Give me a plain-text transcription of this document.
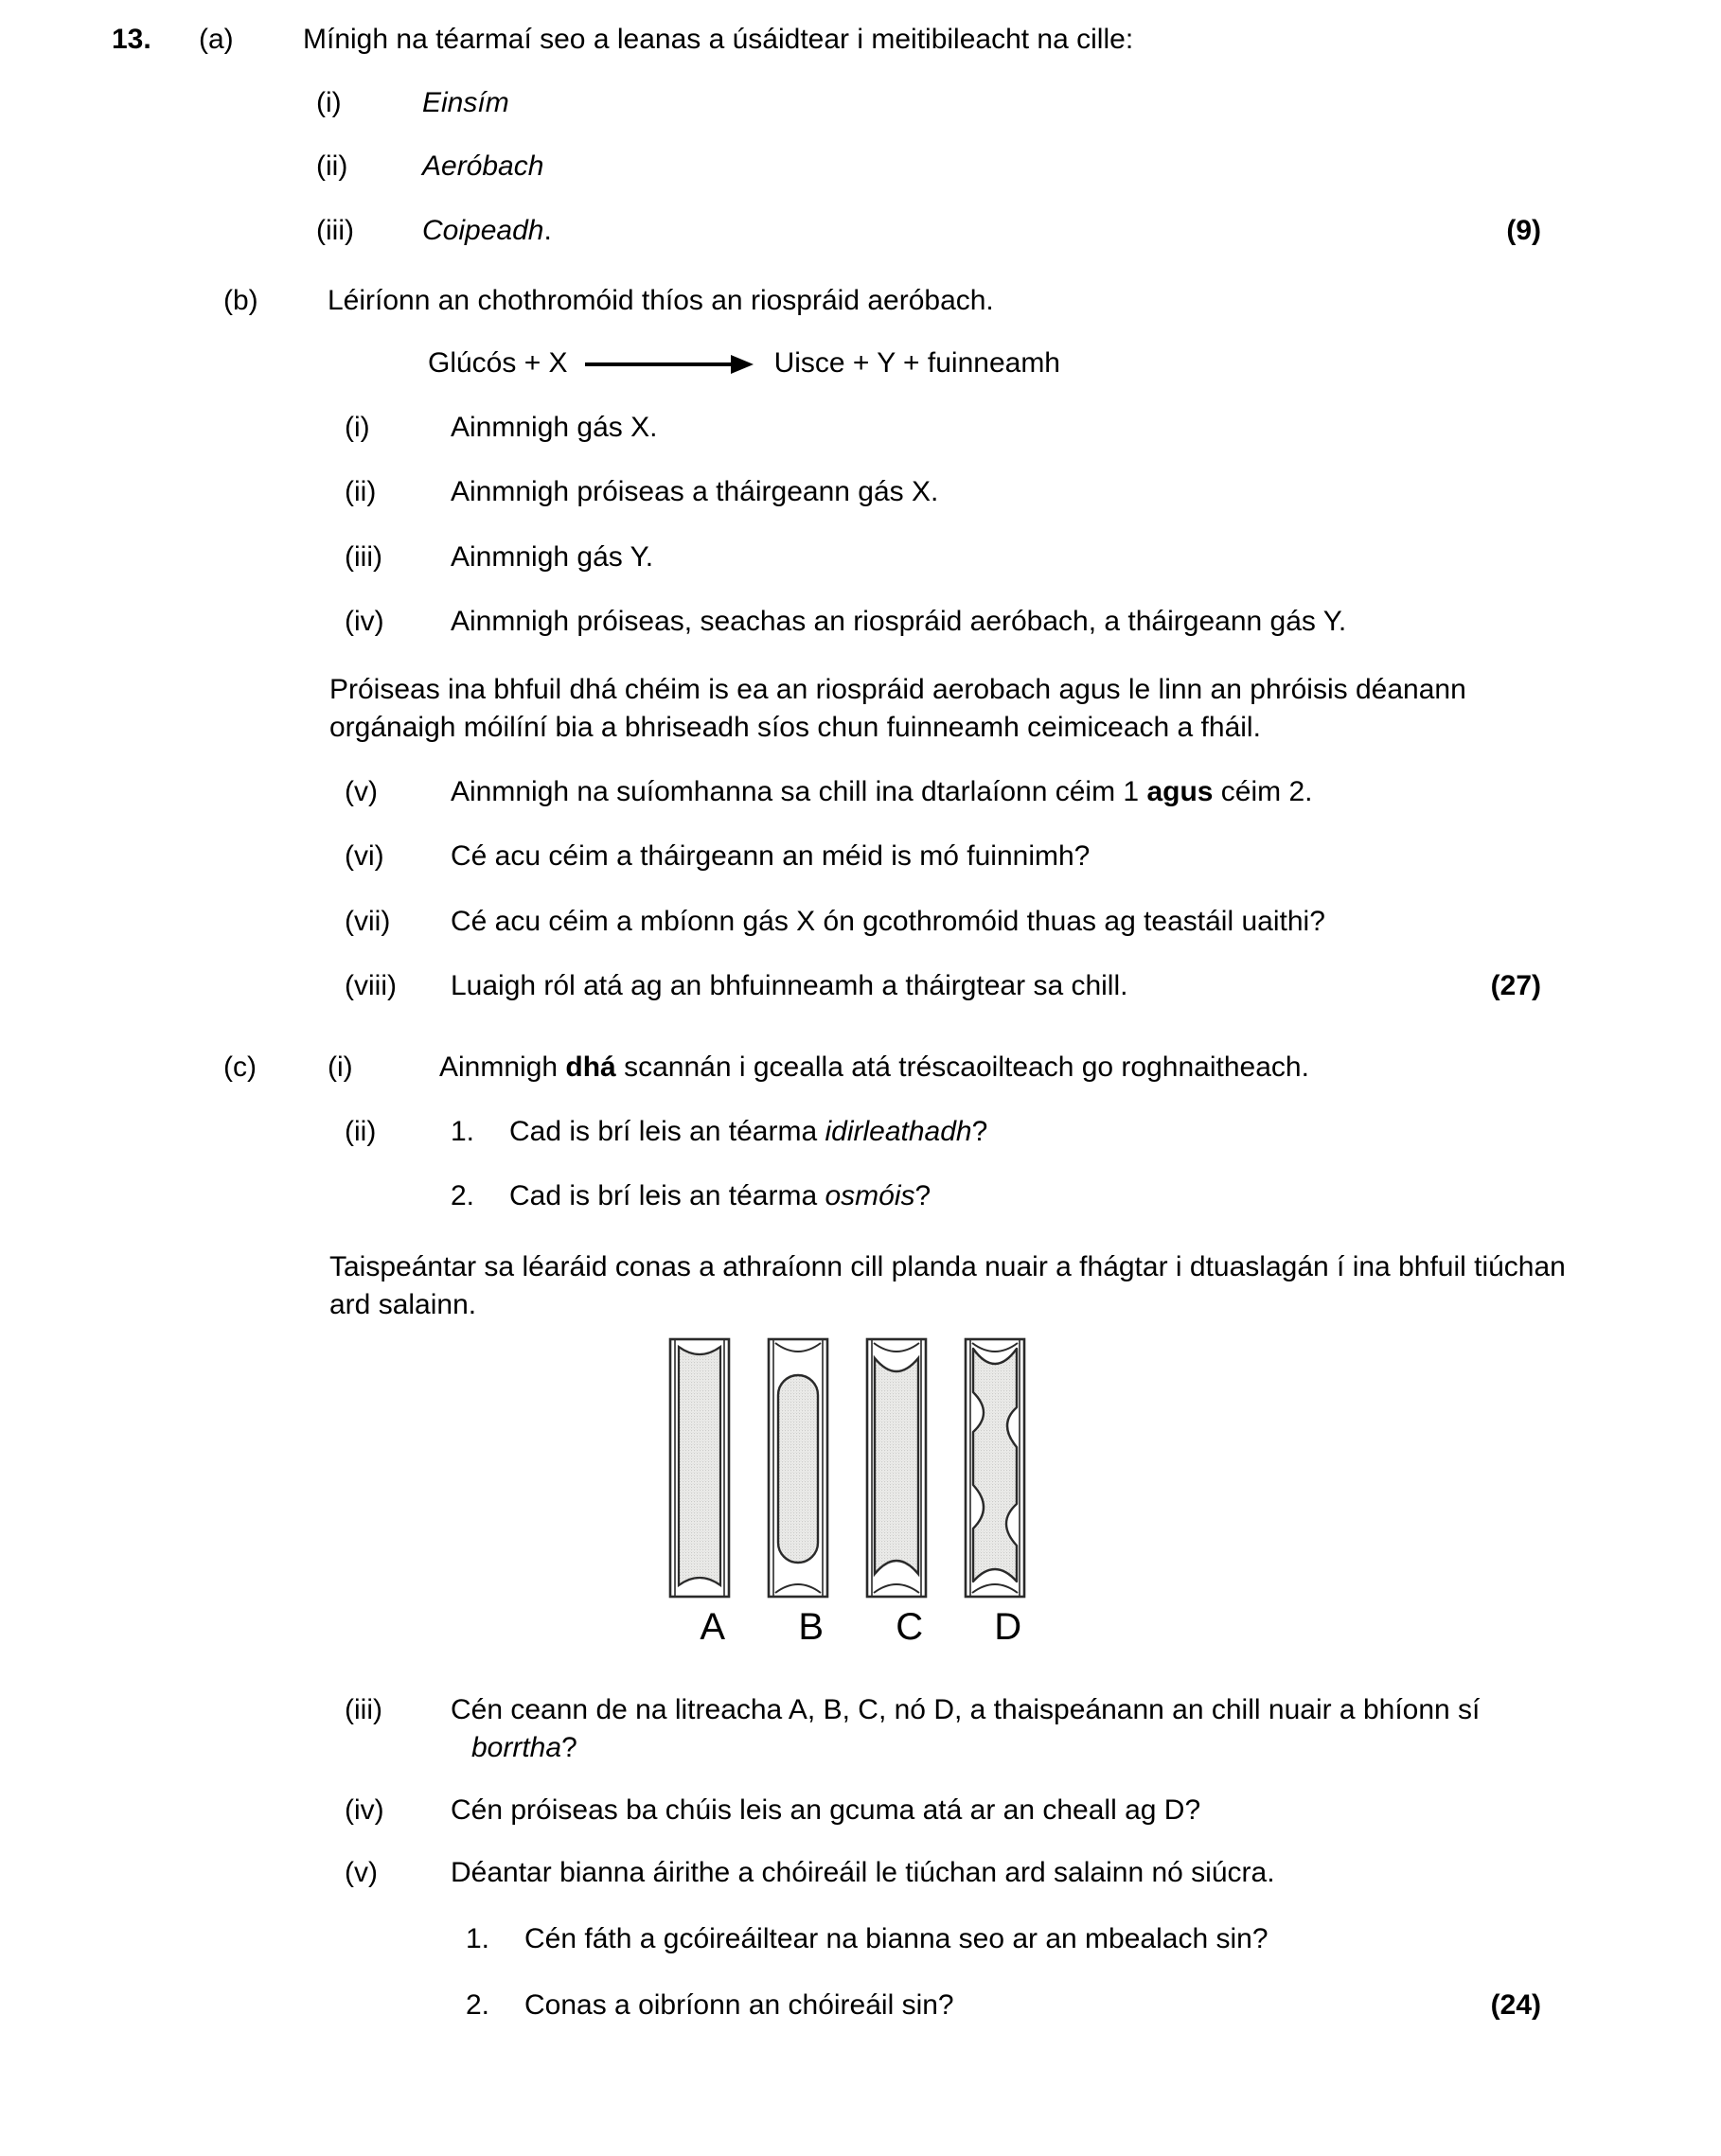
13.	(a)	Mínigh na téarmaí seo a leanas a úsáidtear i meitibileacht na cille:
(i)	Einsím
(ii)	Aeróbach
(iii)	Coipeadh.	(9)
(b)	Léiríonn an chothromóid thíos an riospráid aeróbach.
Glúcós + X	Uisce + Y + fuinneamh
(i)	Ainmnigh gás X.
(ii)	Ainmnigh próiseas a tháirgeann gás X.
(iii)	Ainmnigh gás Y.
(iv)	Ainmnigh próiseas, seachas an riospráid aeróbach, a tháirgeann gás Y.
Próiseas ina bhfuil dhá chéim is ea an riospráid aerobach agus le linn an phróisis déanann orgánaigh móilíní bia a bhriseadh síos chun fuinneamh ceimiceach a fháil.
(v)	Ainmnigh na suíomhanna sa chill ina dtarlaíonn céim 1 agus céim 2.
(vi)	Cé acu céim a tháirgeann an méid is mó fuinnimh?
(vii)	Cé acu céim a mbíonn gás X ón gcothromóid thuas ag teastáil uaithi?
(viii)	Luaigh ról atá ag an bhfuinneamh a tháirgtear sa chill.	(27)
(c)	(i)	Ainmnigh dhá scannán i gcealla atá tréscaoilteach go roghnaitheach.
(ii)	1.	Cad is brí leis an téarma idirleathadh?
2.	Cad is brí leis an téarma osmóis?
Taispeántar sa léaráid conas a athraíonn cill planda nuair a fhágtar i dtuaslagán í ina bhfuil tiúchan ard salainn.
A	B	C	D
(iii)	Cén ceann de na litreacha A, B, C, nó D, a thaispeánann an chill nuair a bhíonn sí borrtha?
(iv)	Cén próiseas ba chúis leis an gcuma atá ar an cheall ag D?
(v)	Déantar bianna áirithe a chóireáil le tiúchan ard salainn nó siúcra.
1.	Cén fáth a gcóireáiltear na bianna seo ar an mbealach sin?
2.	Conas a oibríonn an chóireáil sin?	(24)
